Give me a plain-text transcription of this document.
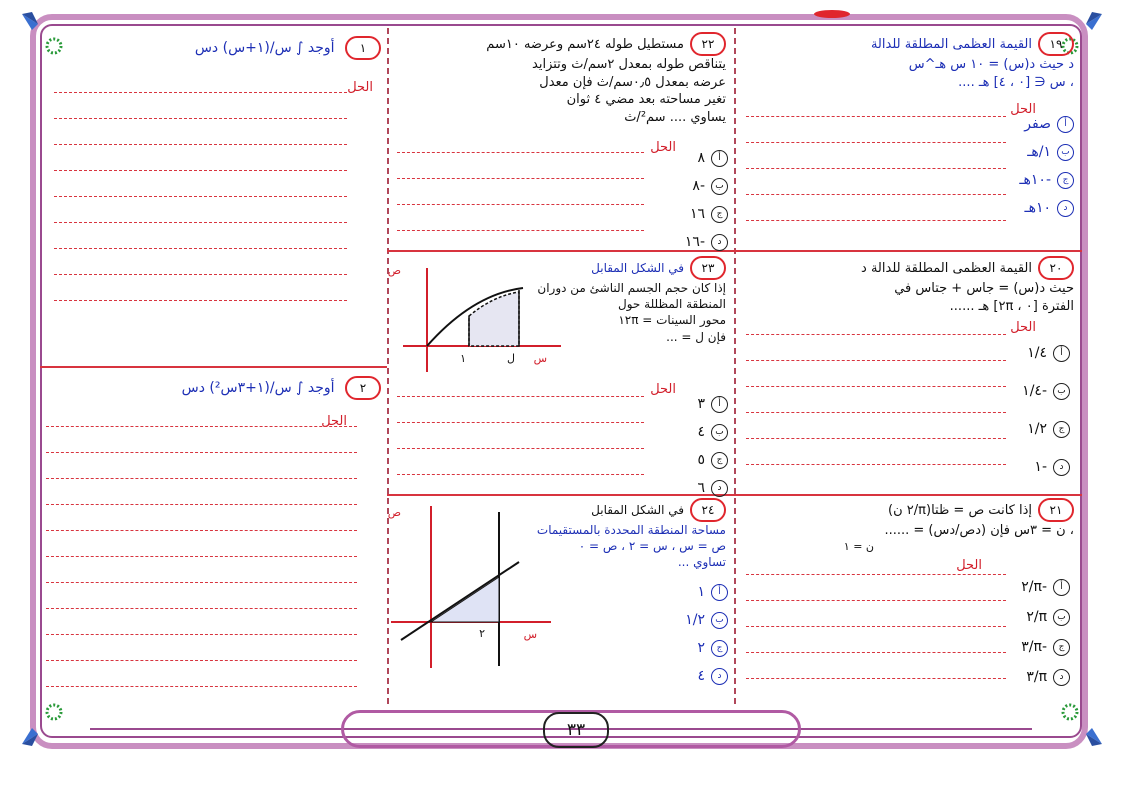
٣٣
١ أوجد ∫ س/(١+س) دس
الحل
٢ أوجد ∫ س/(١+٣س²) دس
الحل
٢٢مستطيل طوله ٢٤سم وعرضه ١٠سم
يتناقص طوله بمعدل ٢سم/ث وتتزايد
عرضه بمعدل ٠٫٥سم/ث فإن معدل
تغير مساحته بعد مضي ٤ ثوان
يساوي .... سم²/ث
الحل
أ
٨
ب
-٨
ج
١٦
د
-١٦
٢٣في الشكل المقابل
إذا كان حجم الجسم الناشئ من دوران
المنطقة المظللة حول
محور السينات = ١٢π
فإن ل = ...
١	ل س
ص
الحل
أ
٣
ب
٤
ج
٥
د
٦
٢٤في الشكل المقابل
مساحة المنطقة المحددة بالمستقيمات
ص = س ، س = ٢ ، ص = ٠
تساوي ...
٢	س
ص
أ
١
ب
١/٢
ج
٢
د
٤
١٩القيمة العظمى المطلقة للدالة
د حيث د(س) = ١٠ س هـ^س
، س ∈ [٠ ، ٤] هـ ....
الحل
أ
صفر
ب
١/هـ
ج
-١٠هـ
د
١٠هـ
٢٠القيمة العظمى المطلقة للدالة د
حيث د(س) = جاس + جتاس في
الفترة [٠ ، ٢π] هـ ......
الحل
أ
١/٤
ب
-١/٤
ج
١/٢
د
-١
٢١إذا كانت ص = ظتا(π/٢ ن)
، ن = ٣س فإن (دص/دس) = ......
ن = ١
الحل
أ
-π/٢
ب
π/٢
ج
-π/٣
د
π/٣
